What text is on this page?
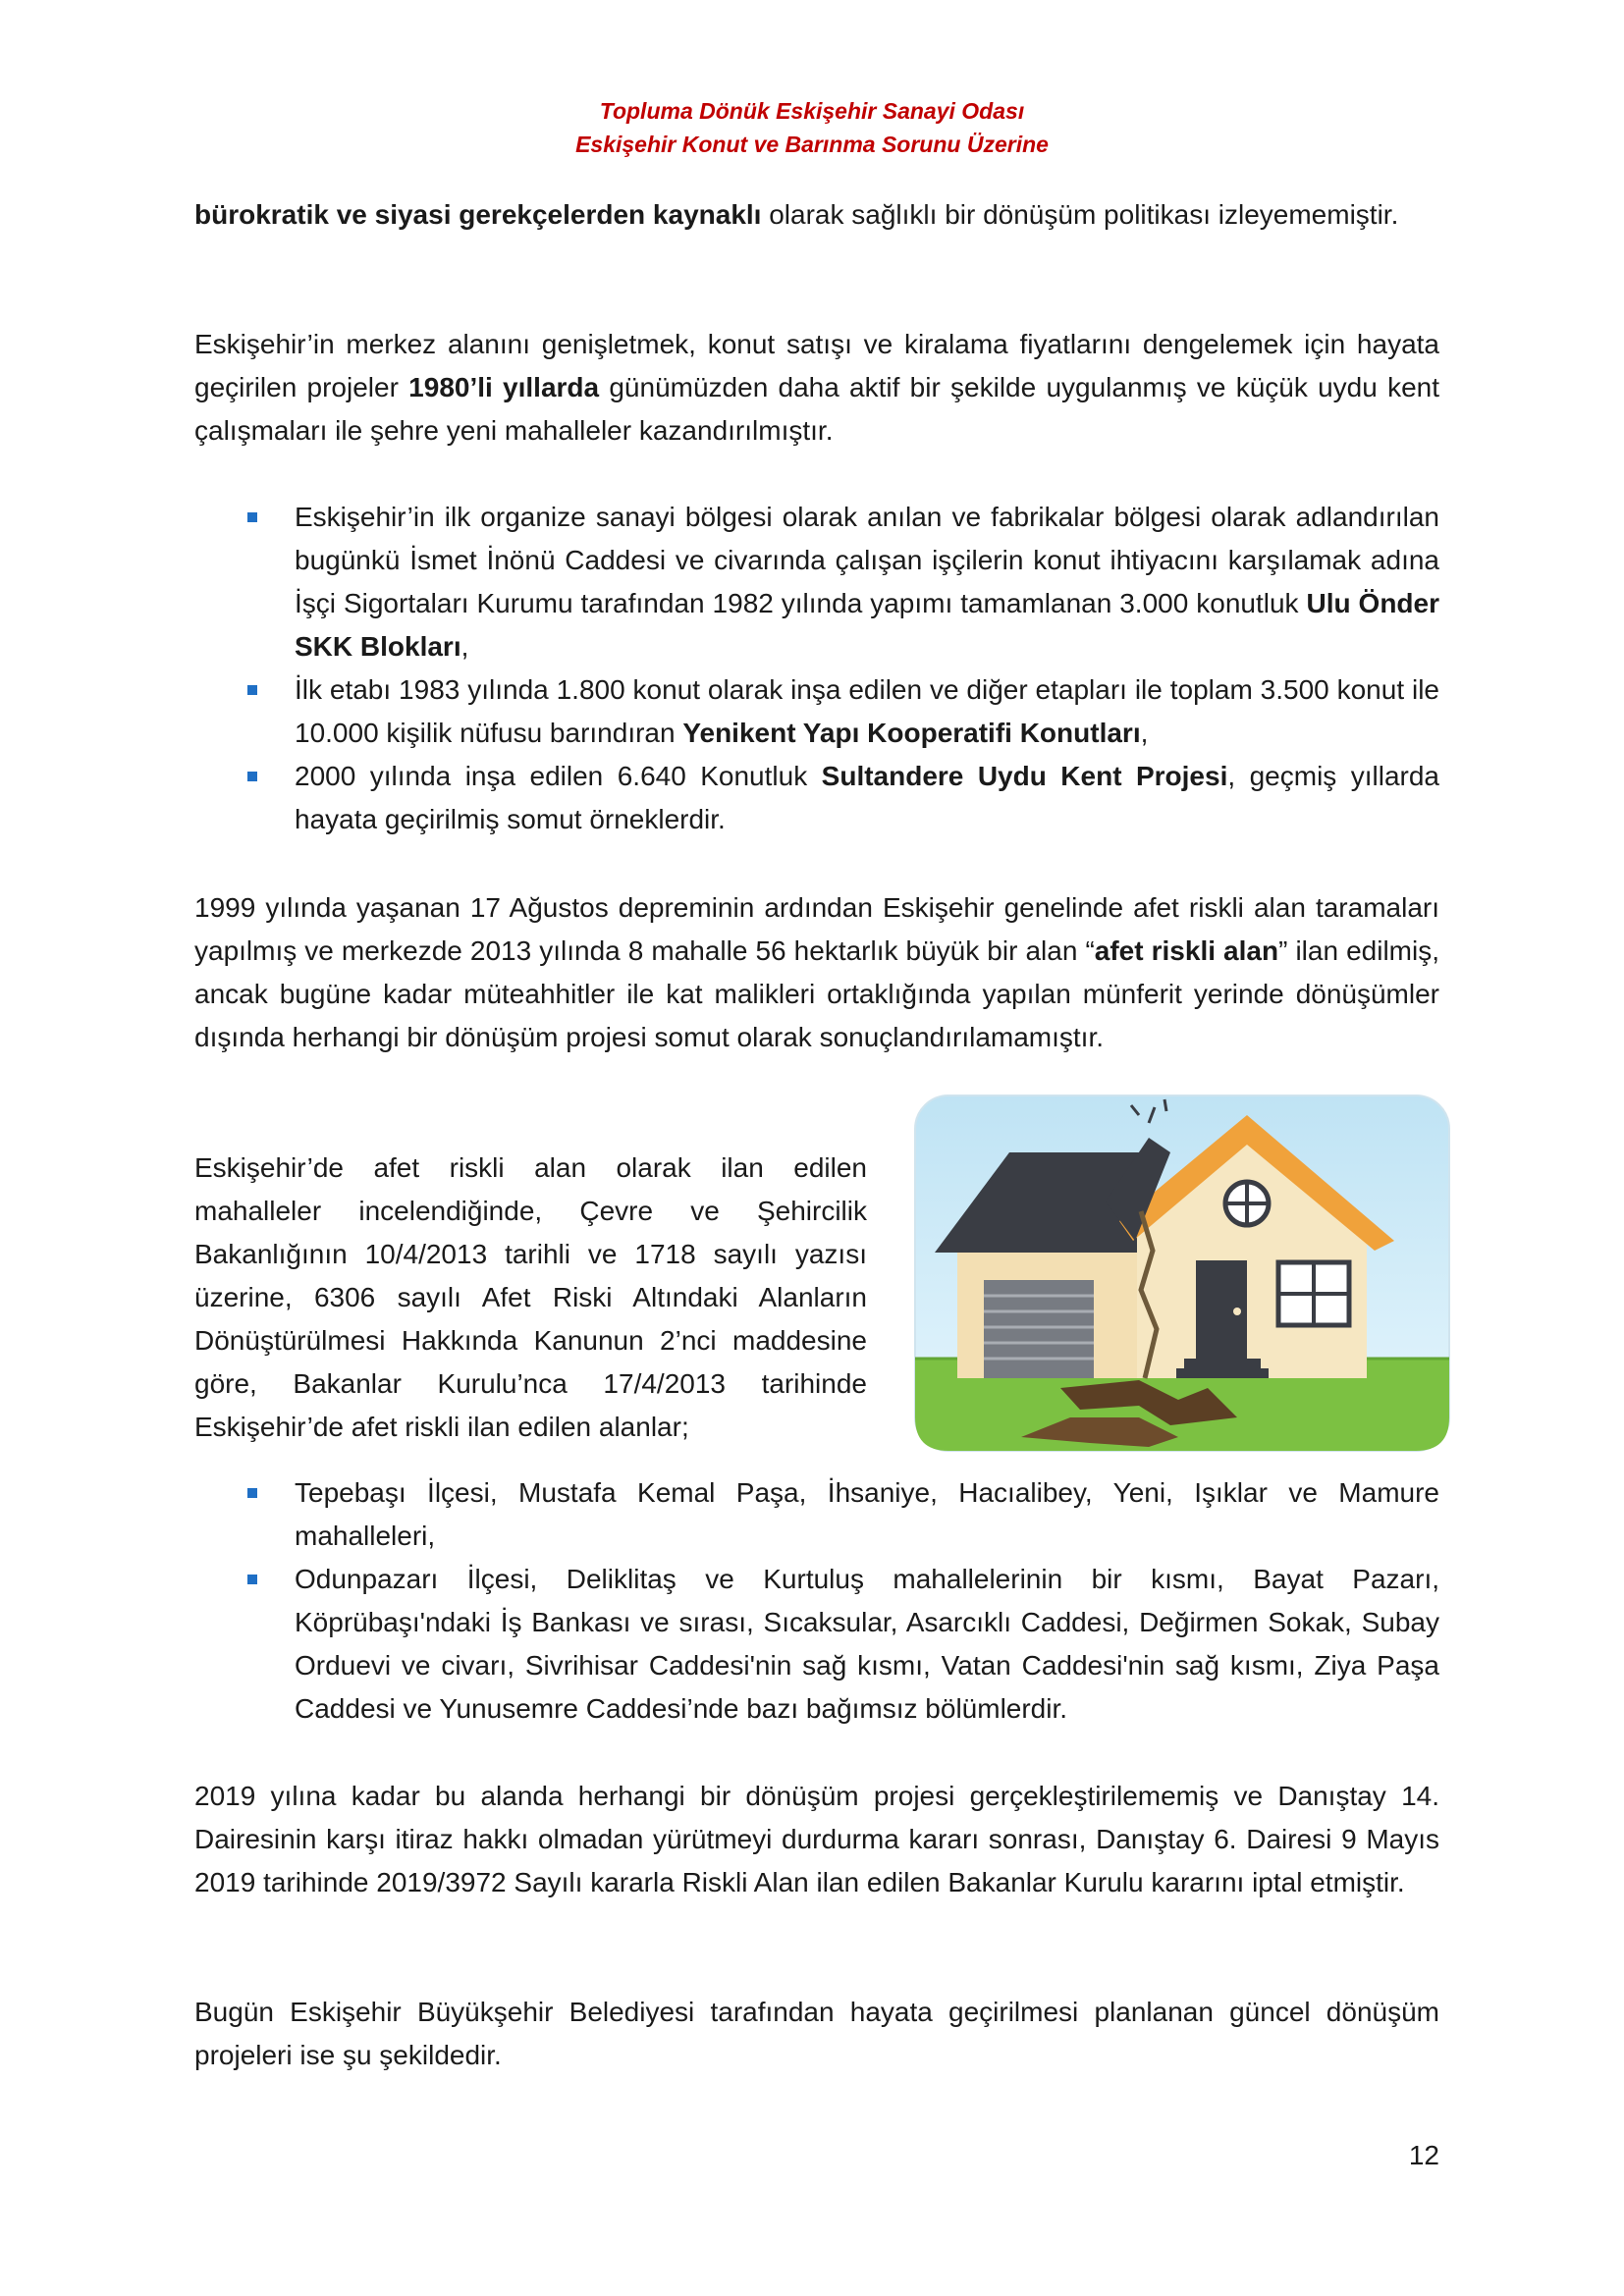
Topluma Dönük Eskişehir Sanayi Odası
Eskişehir Konut ve Barınma Sorunu Üzerine

bürokratik ve siyasi gerekçelerden kaynaklı olarak sağlıklı bir dönüşüm politikası izleyememiştir.

Eskişehir’in merkez alanını genişletmek, konut satışı ve kiralama fiyatlarını dengelemek için hayata geçirilen projeler 1980’li yıllarda günümüzden daha aktif bir şekilde uygulanmış ve küçük uydu kent çalışmaları ile şehre yeni mahalleler kazandırılmıştır.

Eskişehir’in ilk organize sanayi bölgesi olarak anılan ve fabrikalar bölgesi olarak adlandırılan bugünkü İsmet İnönü Caddesi ve civarında çalışan işçilerin konut ihtiyacını karşılamak adına İşçi Sigortaları Kurumu tarafından 1982 yılında yapımı tamamlanan 3.000 konutluk Ulu Önder SKK Blokları,
İlk etabı 1983 yılında 1.800 konut olarak inşa edilen ve diğer etapları ile toplam 3.500 konut ile 10.000 kişilik nüfusu barındıran Yenikent Yapı Kooperatifi Konutları,
2000 yılında inşa edilen 6.640 Konutluk Sultandere Uydu Kent Projesi, geçmiş yıllarda hayata geçirilmiş somut örneklerdir.

1999 yılında yaşanan 17 Ağustos depreminin ardından Eskişehir genelinde afet riskli alan taramaları yapılmış ve merkezde 2013 yılında 8 mahalle 56 hektarlık büyük bir alan “afet riskli alan” ilan edilmiş, ancak bugüne kadar müteahhitler ile kat malikleri ortaklığında yapılan münferit yerinde dönüşümler dışında herhangi bir dönüşüm projesi somut olarak sonuçlandırılamamıştır.

Eskişehir’de afet riskli alan olarak ilan edilen mahalleler incelendiğinde, Çevre ve Şehircilik Bakanlığının 10/4/2013 tarihli ve 1718 sayılı yazısı üzerine, 6306 sayılı Afet Riski Altındaki Alanların Dönüştürülmesi Hakkında Kanunun 2’nci maddesine göre, Bakanlar Kurulu’nca 17/4/2013 tarihinde Eskişehir’de afet riskli ilan edilen alanlar;

Tepebaşı İlçesi, Mustafa Kemal Paşa, İhsaniye, Hacıalibey, Yeni, Işıklar ve Mamure mahalleleri,
Odunpazarı İlçesi, Deliklitaş ve Kurtuluş mahallelerinin bir kısmı, Bayat Pazarı, Köprübaşı'ndaki İş Bankası ve sırası, Sıcaksular, Asarcıklı Caddesi, Değirmen Sokak, Subay Orduevi ve civarı, Sivrihisar Caddesi'nin sağ kısmı, Vatan Caddesi'nin sağ kısmı, Ziya Paşa Caddesi ve Yunusemre Caddesi’nde bazı bağımsız bölümlerdir.

2019 yılına kadar bu alanda herhangi bir dönüşüm projesi gerçekleştirilememiş ve Danıştay 14. Dairesinin karşı itiraz hakkı olmadan yürütmeyi durdurma kararı sonrası, Danıştay 6. Dairesi 9 Mayıs 2019 tarihinde 2019/3972 Sayılı kararla Riskli Alan ilan edilen Bakanlar Kurulu kararını iptal etmiştir.

Bugün Eskişehir Büyükşehir Belediyesi tarafından hayata geçirilmesi planlanan güncel dönüşüm projeleri ise şu şekildedir.

12
